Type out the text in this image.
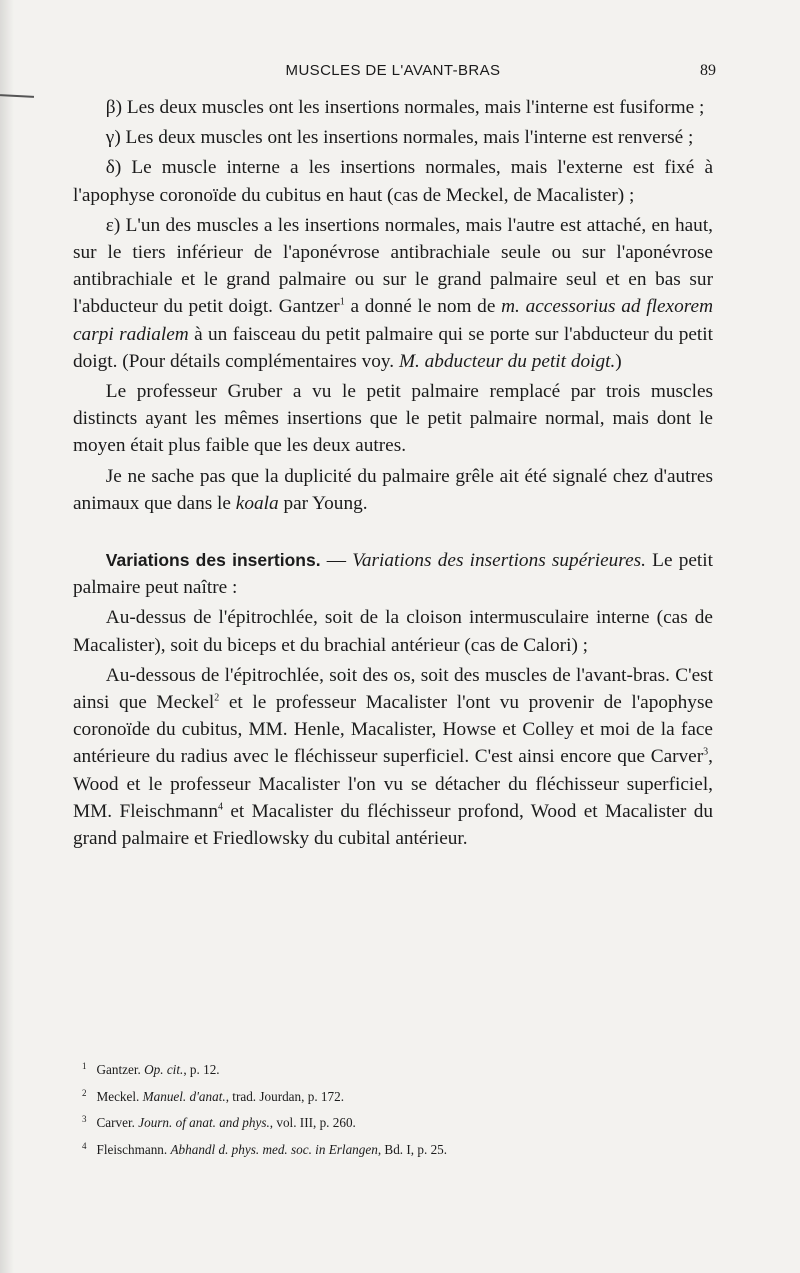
MUSCLES DE L'AVANT-BRAS	89

β) Les deux muscles ont les insertions normales, mais l'interne est fusiforme ;

γ) Les deux muscles ont les insertions normales, mais l'interne est renversé ;

δ) Le muscle interne a les insertions normales, mais l'externe est fixé à l'apophyse coronoïde du cubitus en haut (cas de Meckel, de Macalister) ;

ε) L'un des muscles a les insertions normales, mais l'autre est attaché, en haut, sur le tiers inférieur de l'aponévrose antibrachiale seule ou sur l'aponévrose antibrachiale et le grand palmaire ou sur le grand palmaire seul et en bas sur l'abducteur du petit doigt. Gantzer$^1$ a donné le nom de m. accessorius ad flexorem carpi radialem à un faisceau du petit palmaire qui se porte sur l'abducteur du petit doigt. (Pour détails complémentaires voy. M. abducteur du petit doigt.)

Le professeur Gruber a vu le petit palmaire remplacé par trois muscles distincts ayant les mêmes insertions que le petit palmaire normal, mais dont le moyen était plus faible que les deux autres.

Je ne sache pas que la duplicité du palmaire grêle ait été signalé chez d'autres animaux que dans le koala par Young.

Variations des insertions. — Variations des insertions supérieures. Le petit palmaire peut naître :

Au-dessus de l'épitrochlée, soit de la cloison intermusculaire interne (cas de Macalister), soit du biceps et du brachial antérieur (cas de Calori) ;

Au-dessous de l'épitrochlée, soit des os, soit des muscles de l'avant-bras. C'est ainsi que Meckel$^2$ et le professeur Macalister l'ont vu provenir de l'apophyse coronoïde du cubitus, MM. Henle, Macalister, Howse et Colley et moi de la face antérieure du radius avec le fléchisseur superficiel. C'est ainsi encore que Carver$^3$, Wood et le professeur Macalister l'on vu se détacher du fléchisseur superficiel, MM. Fleischmann$^4$ et Macalister du fléchisseur profond, Wood et Macalister du grand palmaire et Friedlowsky du cubital antérieur.

$^1$ Gantzer. Op. cit., p. 12.

$^2$ Meckel. Manuel. d'anat., trad. Jourdan, p. 172.

$^3$ Carver. Journ. of anat. and phys., vol. III, p. 260.

$^4$ Fleischmann. Abhandl d. phys. med. soc. in Erlangen, Bd. I, p. 25.
